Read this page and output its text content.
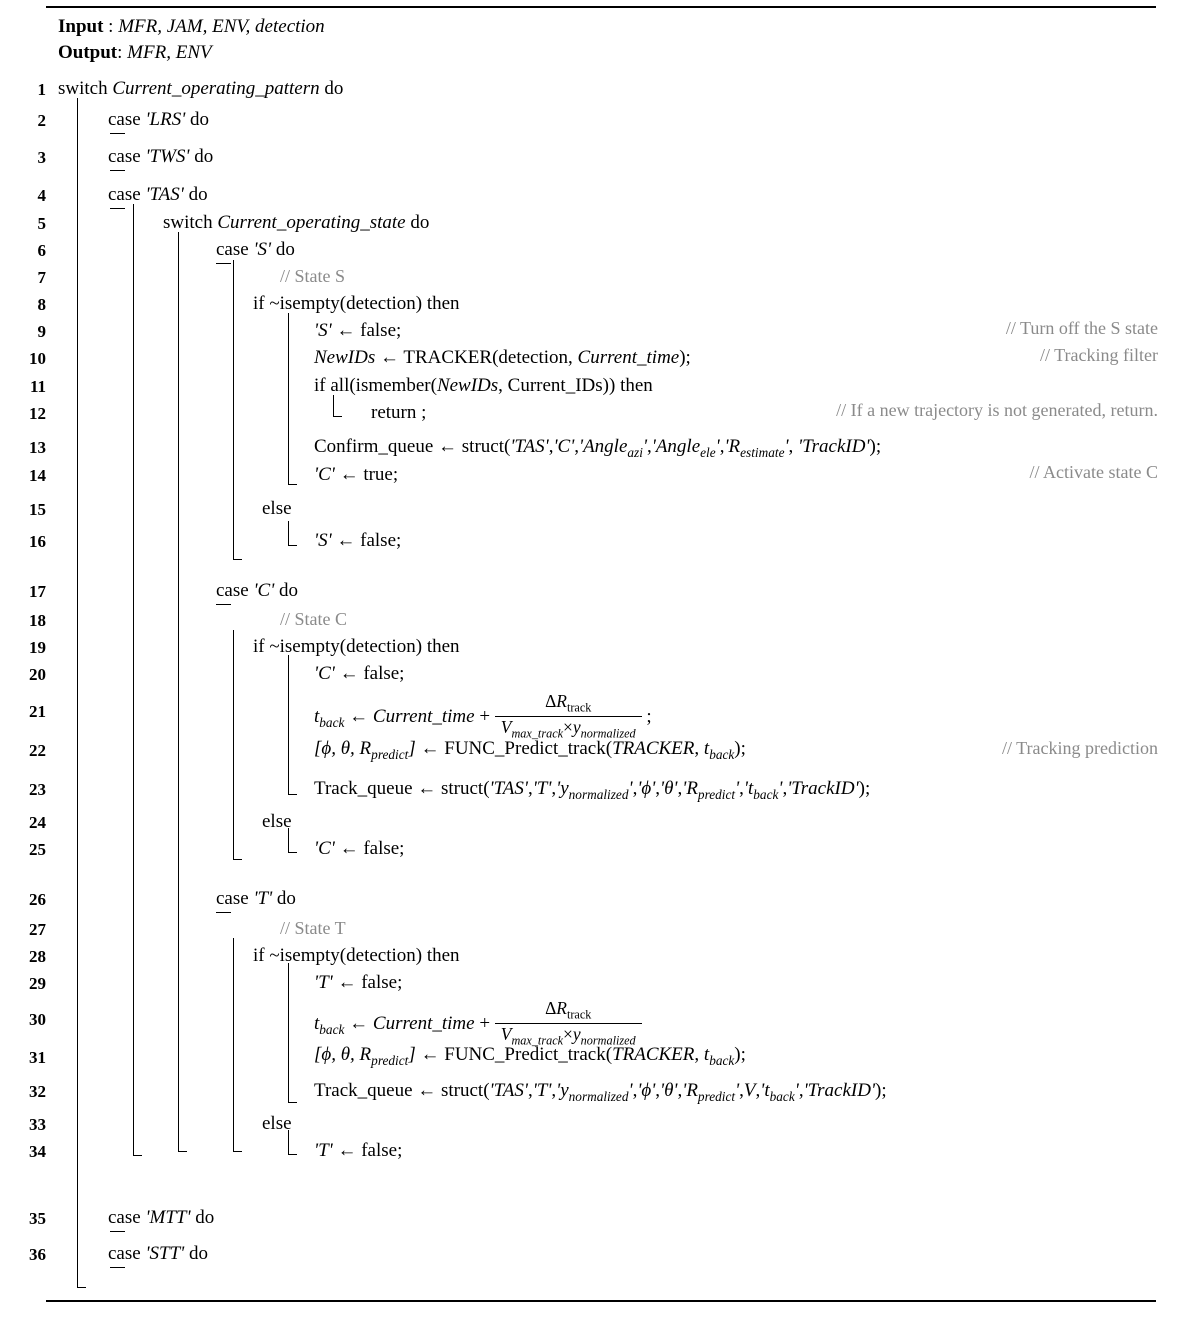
Input : MFR, JAM, ENV, detection
Output: MFR, ENV
1
2
3
4
5
6
7
8
9
10
11
12
13
14
15
16
17
18
19
20
21
22
23
24
25
26
27
28
29
30
31
32
33
34
35
36
switch Current_operating_pattern do
case 'LRS' do
case 'TWS' do
case 'TAS' do
switch Current_operating_state do
case 'S' do
// State S
if ~isempty(detection) then
'S' ← false;	// Turn off the S state
NewIDs ← TRACKER(detection, Current_time);	// Tracking filter
if all(ismember(NewIDs, Current_IDs)) then
return ;	// If a new trajectory is not generated, return.
Confirm_queue ← $struct('TAS','C','Angle_{azi}','Angle_{ele}','R_{estimate}'$, 'TrackID');
'C' ← true;	// Activate state C
else
'S' ← false;
case 'C' do
// State C
if ~isempty(detection) then
'C' ← false;
$t_{back}$ ← Current_time + $\frac{\Delta R_{track}}{V_{max\_track}\times y_{normalized}}$ ;
[ϕ, θ, $R_{predict}$] ← FUNC_Predict_track(TRACKER, $t_{back}$);	// Tracking prediction
Track_queue ← $struct('TAS','T','y_{normalized}','\phi','\theta','R_{predict}','t_{back}','TrackID')$;
else
'C' ← false;
case 'T' do
// State T
if ~isempty(detection) then
'T' ← false;
$t_{back}$ ← Current_time + $\frac{\Delta R_{track}}{V_{max\_track}\times y_{normalized}}$
[ϕ, θ, $R_{predict}$] ← FUNC_Predict_track(TRACKER, $t_{back}$);
Track_queue ← $struct('TAS','T','y_{normalized}','\phi','\theta','R_{predict}',V,'t_{back}','TrackID')$;
else
'T' ← false;
case 'MTT' do
case 'STT' do
